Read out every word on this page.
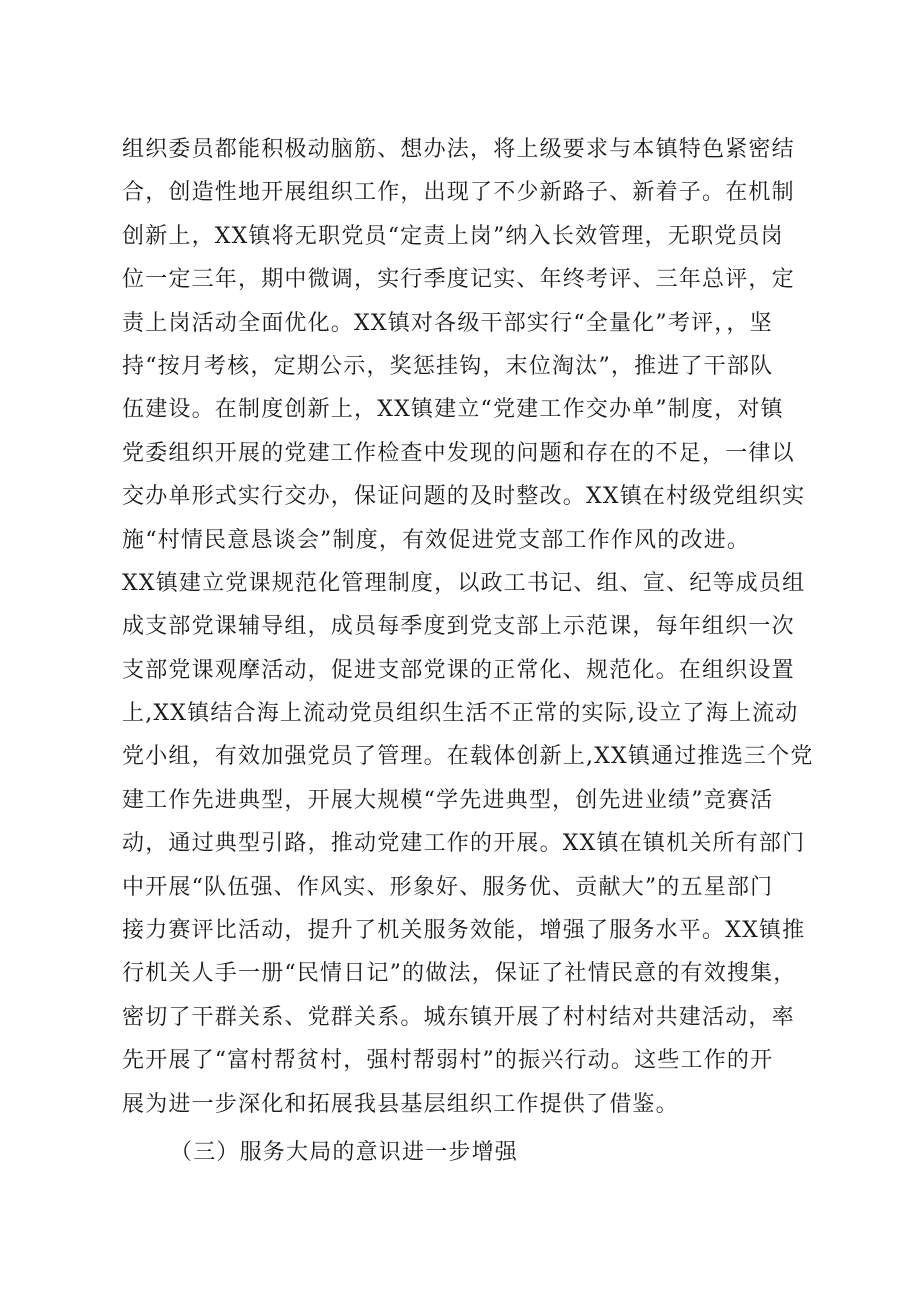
组织委员都能积极动脑筋、想办法，将上级要求与本镇特色紧密结
合，创造性地开展组织工作，出现了不少新路子、新着子。在机制
创新上，XX镇将无职党员“定责上岗”纳入长效管理，无职党员岗
位一定三年，期中微调，实行季度记实、年终考评、三年总评，定
责上岗活动全面优化。XX镇对各级干部实行“全量化”考评，，坚
持“按月考核，定期公示，奖惩挂钩，末位淘汰”，推进了干部队
伍建设。在制度创新上，XX镇建立“党建工作交办单”制度，对镇
党委组织开展的党建工作检查中发现的问题和存在的不足，一律以
交办单形式实行交办，保证问题的及时整改。XX镇在村级党组织实
施“村情民意恳谈会”制度，有效促进党支部工作作风的改进。
XX镇建立党课规范化管理制度，以政工书记、组、宣、纪等成员组
成支部党课辅导组，成员每季度到党支部上示范课，每年组织一次
支部党课观摩活动，促进支部党课的正常化、规范化。在组织设置
上,XX镇结合海上流动党员组织生活不正常的实际,设立了海上流动
党小组，有效加强党员了管理。在载体创新上,XX镇通过推选三个党
建工作先进典型，开展大规模“学先进典型，创先进业绩”竞赛活
动，通过典型引路，推动党建工作的开展。XX镇在镇机关所有部门
中开展“队伍强、作风实、形象好、服务优、贡献大”的五星部门
接力赛评比活动，提升了机关服务效能，增强了服务水平。XX镇推
行机关人手一册“民情日记”的做法，保证了社情民意的有效搜集，
密切了干群关系、党群关系。城东镇开展了村村结对共建活动，率
先开展了“富村帮贫村，强村帮弱村”的振兴行动。这些工作的开
展为进一步深化和拓展我县基层组织工作提供了借鉴。
（三）服务大局的意识进一步增强
